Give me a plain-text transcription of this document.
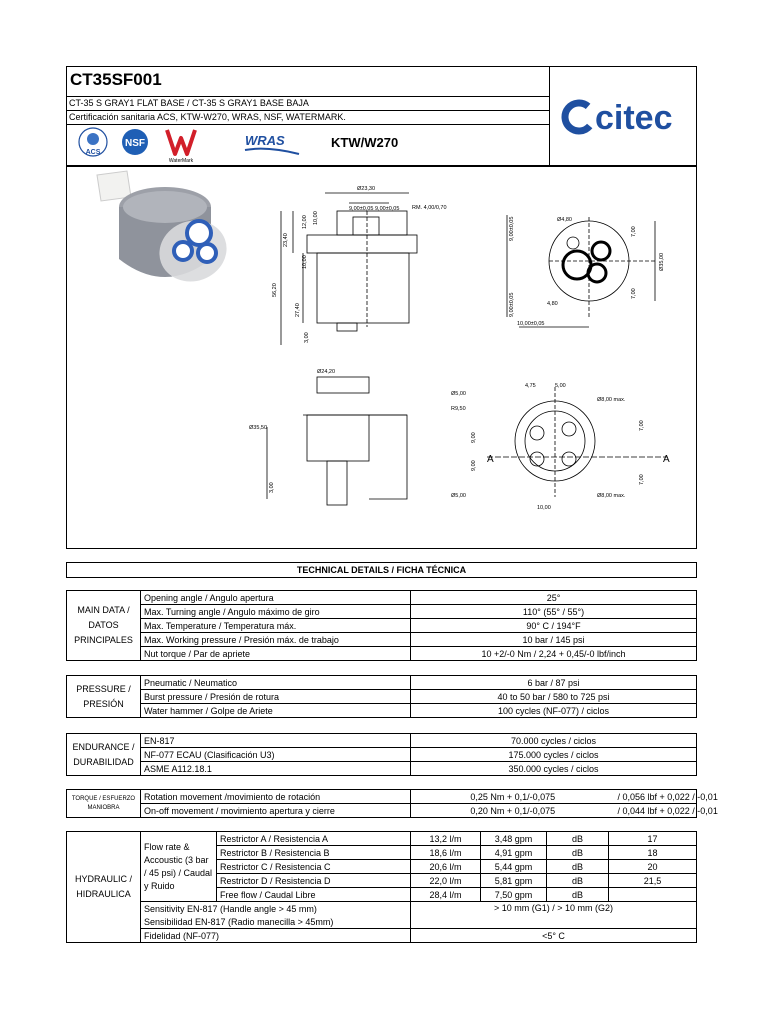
CT35SF001
CT-35 S GRAY1 FLAT BASE / CT-35 S GRAY1 BASE BAJA
Certificación sanitaria ACS, KTW-W270, WRAS, NSF, WATERMARK.
ACS
NSF
WaterMark
WRAS	KTW/W270
citec
Ø23,30
9,00±0,05 9,00±0,05 RM. 4,00/0,70
10,00
12,00
23,40
10,00
56,20
27,40
3,00
Ø4,80
9,00±0,05	7,00
Ø35,00
7,00
4,80
9,00±0,05
10,00±0,05
Ø24,20
Ø35,50
3,00
4,75	5,00
Ø5,00
Ø8,00 max.
R9,50
9,00
9,00
7,00
7,00
Ø5,00	Ø8,00 max.
10,00
A	A
TECHNICAL DETAILS / FICHA TÉCNICA
MAIN DATA / DATOS PRINCIPALES	Opening angle / Angulo apertura	25°
	Max. Turning angle / Angulo máximo de giro	110° (55° / 55°)
	Max. Temperature / Temperatura máx.	90° C / 194°F
	Max. Working pressure / Presión máx. de trabajo	10 bar / 145 psi
	Nut torque / Par de apriete	10 +2/-0 Nm / 2,24 + 0,45/-0 lbf/inch
PRESSURE / PRESIÓN	Pneumatic / Neumatico	6 bar / 87 psi
	Burst pressure / Presión de rotura	40 to 50 bar / 580 to 725 psi
	Water hammer / Golpe de Ariete	100 cycles (NF-077) / ciclos
ENDURANCE / DURABILIDAD	EN-817	70.000 cycles / ciclos
	NF-077 ECAU (Clasificación U3)	175.000 cycles / ciclos
	ASME A112.18.1	350.000 cycles / ciclos
TORQUE / ESFUERZO MANIOBRA	Rotation movement /movimiento de rotación	0,25 Nm + 0,1/-0,075	/ 0,056 lbf + 0,022 / -0,01
	On-off movement / movimiento apertura y cierre	0,20 Nm + 0,1/-0,075	/ 0,044 lbf + 0,022 / -0,01
HYDRAULIC / HIDRAULICA	Flow rate & Accoustic (3 bar / 45 psi) / Caudal y Ruido	Restrictor A / Resistencia A	13,2 l/m	3,48 gpm	dB	17
		Restrictor B / Resistencia B	18,6 l/m	4,91 gpm	dB	18
		Restrictor C / Resistencia C	20,6 l/m	5,44 gpm	dB	20
		Restrictor D / Resistencia D	22,0 l/m	5,81 gpm	dB	21,5
		Free flow / Caudal Libre	28,4 l/m	7,50 gpm	dB	
	Sensitivity EN-817 (Handle angle > 45 mm)		> 10 mm (G1) / > 10 mm (G2)			
	Sensibilidad EN-817 (Radio manecilla > 45mm)					
	Fidelidad (NF-077)		<5° C			
